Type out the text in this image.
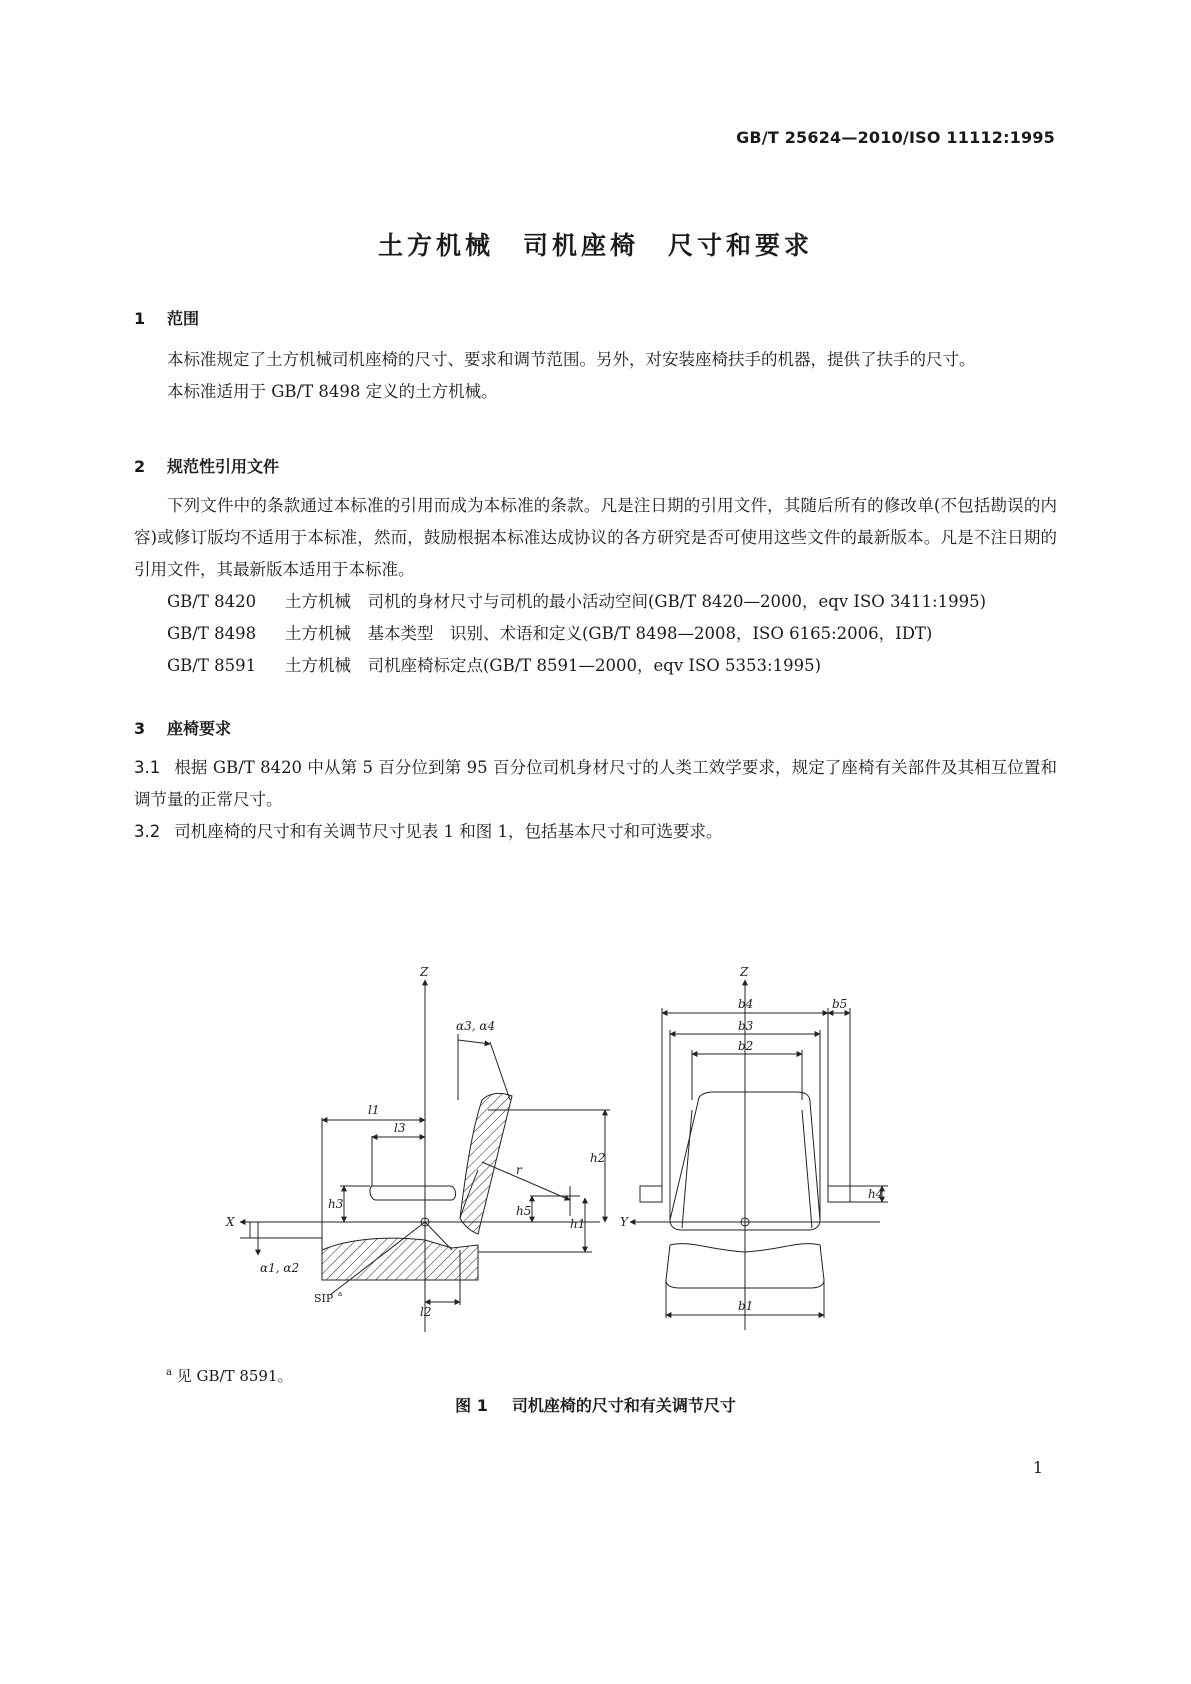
GB/T 25624—2010/ISO 11112:1995
土方机械　司机座椅　尺寸和要求
1 范围

本标准规定了土方机械司机座椅的尺寸、要求和调节范围。另外，对安装座椅扶手的机器，提供了扶手的尺寸。

本标准适用于 GB/T 8498 定义的土方机械。

2 规范性引用文件

下列文件中的条款通过本标准的引用而成为本标准的条款。凡是注日期的引用文件，其随后所有的修改单(不包括勘误的内容)或修订版均不适用于本标准，然而，鼓励根据本标准达成协议的各方研究是否可使用这些文件的最新版本。凡是不注日期的引用文件，其最新版本适用于本标准。

GB/T 8420 土方机械　司机的身材尺寸与司机的最小活动空间(GB/T 8420—2000，eqv ISO 3411:1995)

GB/T 8498 土方机械　基本类型　识别、术语和定义(GB/T 8498—2008，ISO 6165:2006，IDT)

GB/T 8591 土方机械　司机座椅标定点(GB/T 8591—2000，eqv ISO 5353:1995)

3 座椅要求

3.1 根据 GB/T 8420 中从第 5 百分位到第 95 百分位司机身材尺寸的人类工效学要求，规定了座椅有关部件及其相互位置和调节量的正常尺寸。

3.2 司机座椅的尺寸和有关调节尺寸见表 1 和图 1，包括基本尺寸和可选要求。

Z
X
l1
l3
l2
h2
h1
h3	h5
r
α3, α4
α1, α2
Z
Y
b4	b5
b3
b2
b1
h4
SIP a
$^a$ 见 GB/T 8591。
图 1 司机座椅的尺寸和有关调节尺寸
1
